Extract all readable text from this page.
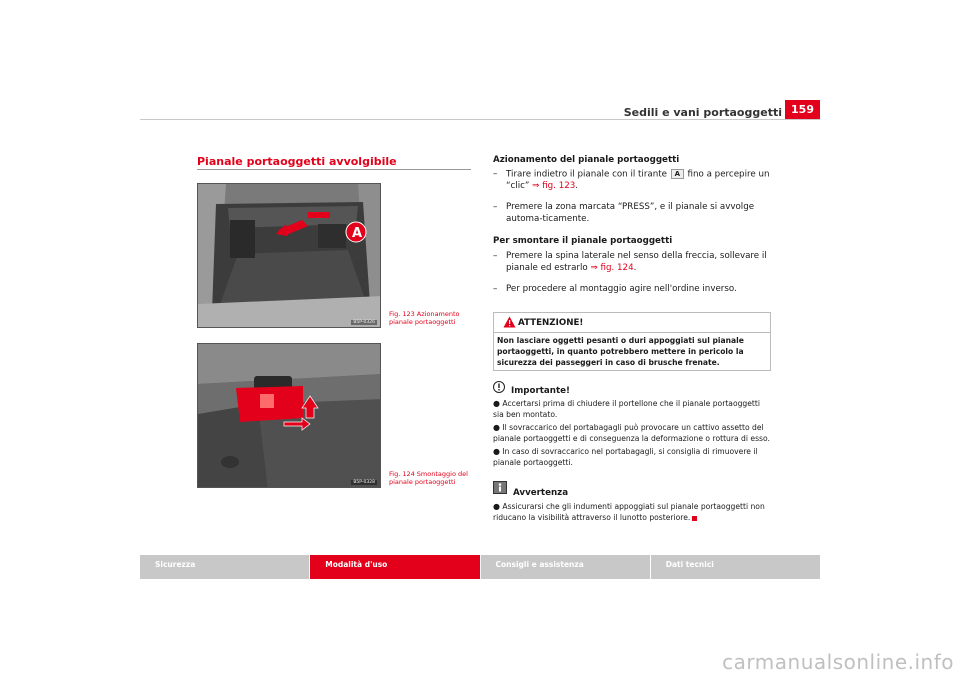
Sedili e vani portaoggetti 159
Pianale portaoggetti avvolgibile
A
B5P-0326
Fig. 123 Azionamento pianale portaoggetti
B5P-0328
Fig. 124 Smontaggio del pianale portaoggetti
Azionamento del pianale portaoggetti
– Tirare indietro il pianale con il tirante A fino a percepire un “clic” ⇒ fig. 123.
– Premere la zona marcata “PRESS”, e il pianale si avvolge automa-ticamente.
Per smontare il pianale portaoggetti
– Premere la spina laterale nel senso della freccia, sollevare il pianale ed estrarlo ⇒ fig. 124.
– Per procedere al montaggio agire nell'ordine inverso.
ATTENZIONE!
Non lasciare oggetti pesanti o duri appoggiati sul pianale portaoggetti, in quanto potrebbero mettere in pericolo la sicurezza dei passeggeri in caso di brusche frenate.
Importante!
● Accertarsi prima di chiudere il portellone che il pianale portaoggetti sia ben montato.
● Il sovraccarico del portabagagli può provocare un cattivo assetto del pianale portaoggetti e di conseguenza la deformazione o rottura di esso.
● In caso di sovraccarico nel portabagagli, si consiglia di rimuovere il pianale portaoggetti.
Avvertenza
● Assicurarsi che gli indumenti appoggiati sul pianale portaoggetti non riducano la visibilità attraverso il lunotto posteriore.
Sicurezza	Modalità d'uso	Consigli e assistenza	Dati tecnici
carmanualsonline.info
